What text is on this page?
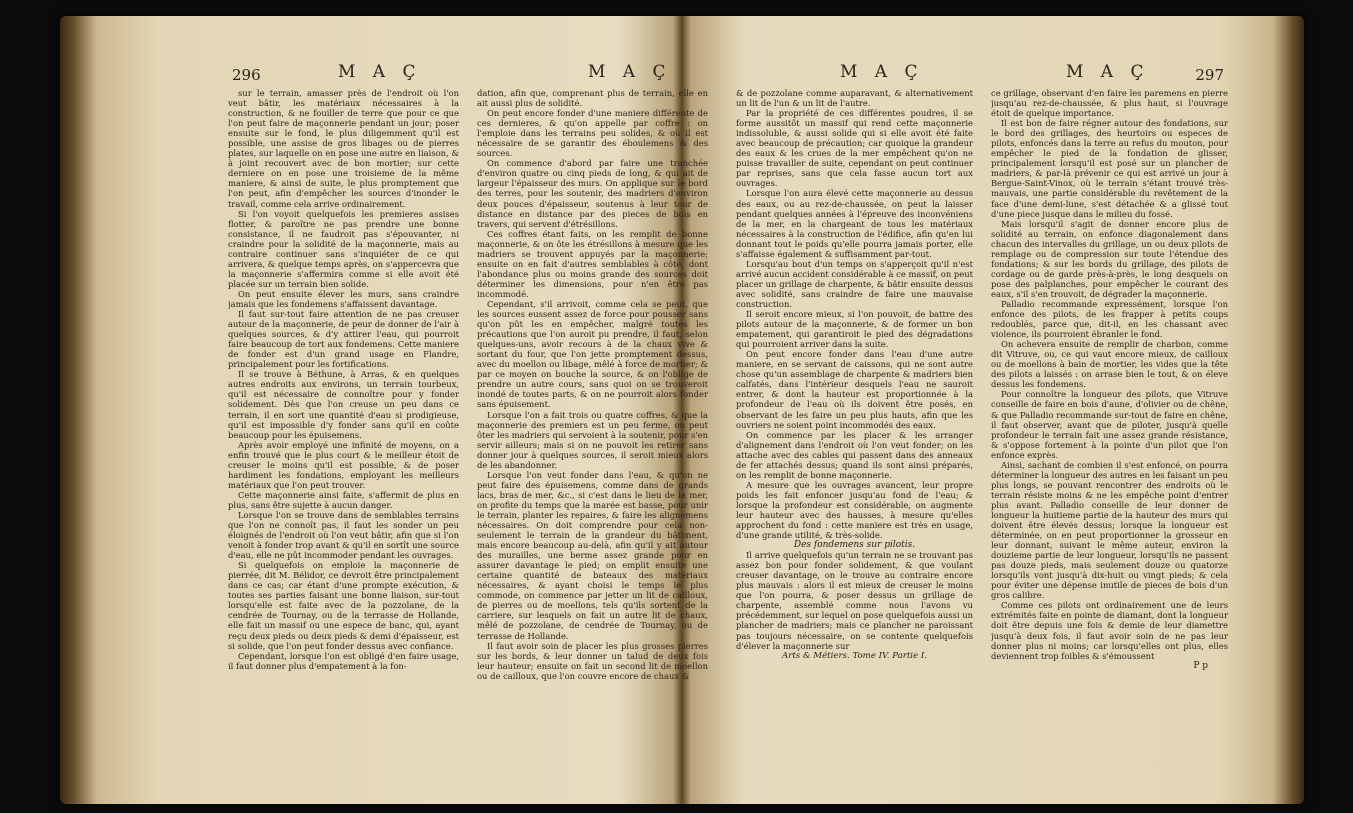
296	M A Ç	M A Ç

sur le terrain, amasser près de l'endroit où l'on veut bâtir, les matériaux nécessaires à la construction, & ne fouiller de terre que pour ce que l'on peut faire de maçonnerie pendant un jour; poser ensuite sur le fond, le plus diligemment qu'il est possible, une assise de gros libages ou de pierres plates, sur laquelle on en pose une autre en liaison, & à joint recouvert avec de bon mortier; sur cette derniere on en pose une troisieme de la même maniere, & ainsi de suite, le plus promptement que l'on peut, afin d'empêcher les sources d'inonder le travail, comme cela arrive ordinairement.

Si l'on voyoit quelquefois les premieres assises flotter, & paroître ne pas prendre une bonne consistance, il ne faudroit pas s'épouvanter, ni craindre pour la solidité de la maçonnerie, mais au contraire continuer sans s'inquiéter de ce qui arrivera, & quelque temps après, on s'appercevra que la maçonnerie s'affermira comme si elle avoit été placée sur un terrain bien solide.

On peut ensuite élever les murs, sans craindre jamais que les fondemens s'affaissent davantage.

Il faut sur-tout faire attention de ne pas creuser autour de la maçonnerie, de peur de donner de l'air à quelques sources, & d'y attirer l'eau, qui pourroit faire beaucoup de tort aux fondemens. Cette maniere de fonder est d'un grand usage en Flandre, principalement pour les fortifications.

Il se trouve à Béthune, à Arras, & en quelques autres endroits aux environs, un terrain tourbeux, qu'il est nécessaire de connoître pour y fonder solidement. Dès que l'on creuse un peu dans ce terrain, il en sort une quantité d'eau si prodigieuse, qu'il est impossible d'y fonder sans qu'il en coûte beaucoup pour les épuisemens.

Après avoir employé une infinité de moyens, on a enfin trouvé que le plus court & le meilleur étoit de creuser le moins qu'il est possible, & de poser hardiment les fondations, employant les meilleurs matériaux que l'on peut trouver.

Cette maçonnerie ainsi faite, s'affermit de plus en plus, sans être sujette à aucun danger.

Lorsque l'on se trouve dans de semblables terrains que l'on ne connoît pas, il faut les sonder un peu éloignés de l'endroit où l'on veut bâtir, afin que si l'on venoit à fonder trop avant & qu'il en sortît une source d'eau, elle ne pût incommoder pendant les ouvrages.

Si quelquefois on emploie la maçonnerie de pierrée, dit M. Bélidor, ce devroit être principalement dans ce cas; car étant d'une prompte exécution, & toutes ses parties faisant une bonne liaison, sur-tout lorsqu'elle est faite avec de la pozzolane, de la cendrée de Tournay, ou de la terrasse de Hollande, elle fait un massif ou une espece de banc, qui, ayant reçu deux pieds ou deux pieds & demi d'épaisseur, est si solide, que l'on peut fonder dessus avec confiance.

Cependant, lorsque l'on est obligé d'en faire usage, il faut donner plus d'empatement à la fon-

dation, afin que, comprenant plus de terrain, elle en ait aussi plus de solidité.

On peut encore fonder d'une maniere différente de ces dernieres, & qu'on appelle par coffre : on l'emploie dans les terrains peu solides, & où il est nécessaire de se garantir des éboulemens & des sources.

On commence d'abord par faire une tranchée d'environ quatre ou cinq pieds de long, & qui ait de largeur l'épaisseur des murs. On applique sur le bord des terres, pour les soutenir, des madriers d'environ deux pouces d'épaisseur, soutenus à leur tour de distance en distance par des pieces de bois en travers, qui servent d'étrésillons.

Ces coffres étant faits, on les remplit de bonne maçonnerie, & on ôte les étrésillons à mesure que les madriers se trouvent appuyés par la maçonnerie; ensuite on en fait d'autres semblables à côté, dont l'abondance plus ou moins grande des sources doit déterminer les dimensions, pour n'en être pas incommodé.

Cependant, s'il arrivoit, comme cela se peut, que les sources eussent assez de force pour pousser sans qu'on pût les en empêcher, malgré toutes les précautions que l'on auroit pu prendre, il faut, selon quelques-uns, avoir recours à de la chaux vive & sortant du four, que l'on jette promptement dessus, avec du moellon ou libage, mêlé à force de mortier; & par ce moyen on bouche la source, & on l'oblige de prendre un autre cours, sans quoi on se trouveroit inondé de toutes parts, & on ne pourroit alors fonder sans épuisement.

Lorsque l'on a fait trois ou quatre coffres, & que la maçonnerie des premiers est un peu ferme, on peut ôter les madriers qui servoient à la soutenir, pour s'en servir ailleurs; mais si on ne pouvoit les retirer sans donner jour à quelques sources, il seroit mieux alors de les abandonner.

Lorsque l'on veut fonder dans l'eau, & qu'on ne peut faire des épuisemens, comme dans de grands lacs, bras de mer, &c., si c'est dans le lieu de la mer, on profite du temps que la marée est basse, pour unir le terrain, planter les repaires, & faire les alignemens nécessaires. On doit comprendre pour cela non-seulement le terrain de la grandeur du bâtiment, mais encore beaucoup au-delà, afin qu'il y ait autour des murailles, une berme assez grande pour en assurer davantage le pied; on emplit ensuite une certaine quantité de bateaux des matériaux nécessaires, & ayant choisi le temps le plus commode, on commence par jetter un lit de cailloux, de pierres ou de moellons, tels qu'ils sortent de la carriere, sur lesquels on fait un autre lit de chaux, mêlé de pozzolane, de cendrée de Tournay, ou de terrasse de Hollande.

Il faut avoir soin de placer les plus grosses pierres sur les bords, & leur donner un talud de deux fois leur hauteur; ensuite on fait un second lit de moellon ou de cailloux, que l'on couvre encore de chaux &

M A Ç	M A Ç	297

& de pozzolane comme auparavant, & alternativement un lit de l'un & un lit de l'autre.

Par la propriété de ces différentes poudres, il se forme aussitôt un massif qui rend cette maçonnerie indissoluble, & aussi solide qui si elle avoit été faite avec beaucoup de précaution; car quoique la grandeur des eaux & les crues de la mer empêchent qu'on ne puisse travailler de suite, cependant on peut continuer par reprises, sans que cela fasse aucun tort aux ouvrages.

Lorsque l'on aura élevé cette maçonnerie au dessus des eaux, ou au rez-de-chaussée, on peut la laisser pendant quelques années à l'épreuve des inconvéniens de la mer, en la chargeant de tous les matériaux nécessaires à la construction de l'édifice, afin qu'en lui donnant tout le poids qu'elle pourra jamais porter, elle s'affaisse également & suffisamment par-tout.

Lorsqu'au bout d'un temps on s'apperçoit qu'il n'est arrivé aucun accident considérable à ce massif, on peut placer un grillage de charpente, & bâtir ensuite dessus avec solidité, sans craindre de faire une mauvaise construction.

Il seroit encore mieux, si l'on pouvoit, de battre des pilots autour de la maçonnerie, & de former un bon empatement, qui garantiroit le pied des dégradations qui pourroient arriver dans la suite.

On peut encore fonder dans l'eau d'une autre maniere, en se servant de caissons, qui ne sont autre chose qu'un assemblage de charpente & madriers bien calfatés, dans l'intérieur desquels l'eau ne sauroit entrer, & dont la hauteur est proportionnée à la profondeur de l'eau où ils doivent être posés, en observant de les faire un peu plus hauts, afin que les ouvriers ne soient point incommodés des eaux.

On commence par les placer & les arranger d'alignement dans l'endroit où l'on veut fonder; on les attache avec des cables qui passent dans des anneaux de fer attachés dessus; quand ils sont ainsi préparés, on les remplit de bonne maçonnerie.

A mesure que les ouvrages avancent, leur propre poids les fait enfoncer jusqu'au fond de l'eau; & lorsque la profondeur est considérable, on augmente leur hauteur avec des hausses, à mesure qu'elles approchent du fond : cette maniere est très en usage, d'une grande utilité, & très-solide.

Des fondemens sur pilotis.

Il arrive quelquefois qu'un terrain ne se trouvant pas assez bon pour fonder solidement, & que voulant creuser davantage, on le trouve au contraire encore plus mauvais : alors il est mieux de creuser le moins que l'on pourra, & poser dessus un grillage de charpente, assemblé comme nous l'avons vu précédemment, sur lequel on pose quelquefois aussi un plancher de madriers; mais ce plancher ne paroissant pas toujours nécessaire, on se contente quelquefois d'élever la maçonnerie sur

Arts & Métiers. Tome IV. Partie I.

ce grillage, observant d'en faire les paremens en pierre jusqu'au rez-de-chaussée, & plus haut, si l'ouvrage étoit de quelque importance.

Il est bon de faire régner autour des fondations, sur le bord des grillages, des heurtoirs ou especes de pilots, enfoncés dans la terre au refus du mouton, pour empêcher le pied de la fondation de glisser, principalement lorsqu'il est posé sur un plancher de madriers, & par-là prévenir ce qui est arrivé un jour à Bergue-Saint-Vinox, où le terrain s'étant trouvé très-mauvais, une partie considérable du revêtement de la face d'une demi-lune, s'est détachée & a glissé tout d'une piece jusque dans le milieu du fossé.

Mais lorsqu'il s'agit de donner encore plus de solidité au terrain, on enfonce diagonalement dans chacun des intervalles du grillage, un ou deux pilots de remplage ou de compression sur toute l'étendue des fondations; & sur les bords du grillage, des pilots de cordage ou de garde près-à-près, le long desquels on pose des palplanches, pour empêcher le courant des eaux, s'il s'en trouvoit, de dégrader la maçonnerie.

Palladio recommande expressément, lorsque l'on enfonce des pilots, de les frapper à petits coups redoublés, parce que, dit-il, en les chassant avec violence, ils pourroient ébranler le fond.

On achevera ensuite de remplir de charbon, comme dit Vitruve, ou, ce qui vaut encore mieux, de cailloux ou de moellons à bain de mortier, les vides que la tête des pilots a laissés : on arrase bien le tout, & on éleve dessus les fondemens.

Pour connoître la longueur des pilots, que Vitruve conseille de faire en bois d'aune, d'olivier ou de chêne, & que Palladio recommande sur-tout de faire en chêne, il faut observer, avant que de piloter, jusqu'à quelle profondeur le terrain fait une assez grande résistance, & s'oppose fortement à la pointe d'un pilot que l'on enfonce exprès.

Ainsi, sachant de combien il s'est enfoncé, on pourra déterminer la longueur des autres en les faisant un peu plus longs, se pouvant rencontrer des endroits où le terrain résiste moins & ne les empêche point d'entrer plus avant. Palladio conseille de leur donner de longueur la huitieme partie de la hauteur des murs qui doivent être élevés dessus; lorsque la longueur est déterminée, on en peut proportionner la grosseur en leur donnant, suivant le même auteur, environ la douzieme partie de leur longueur, lorsqu'ils ne passent pas douze pieds, mais seulement douze ou quatorze lorsqu'ils vont jusqu'à dix-huit ou vingt pieds; & cela pour éviter une dépense inutile de pieces de bois d'un gros calibre.

Comme ces pilots ont ordinairement une de leurs extrémités faite en pointe de diamant, dont la longueur doit être depuis une fois & demie de leur diamettre jusqu'à deux fois, il faut avoir soin de ne pas leur donner plus ni moins; car lorsqu'elles ont plus, elles deviennent trop foibles & s'émoussent

P p
